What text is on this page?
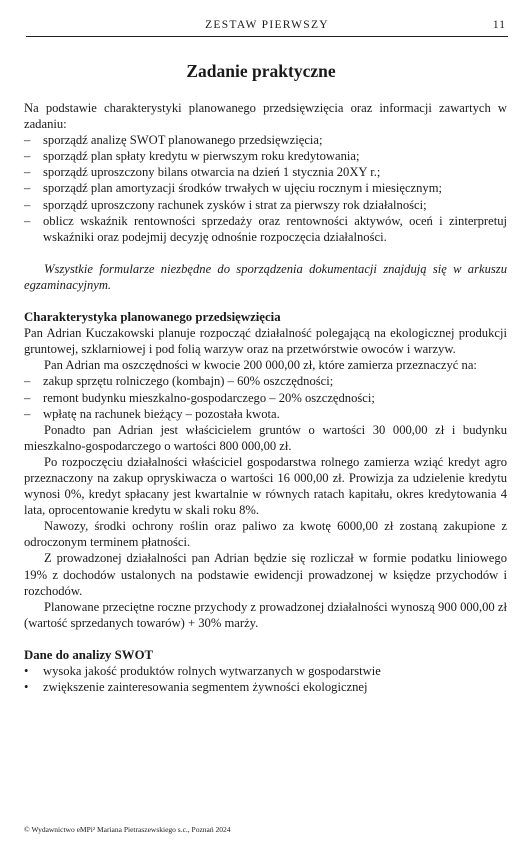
ZESTAW PIERWSZY	11
Zadanie praktyczne

Na podstawie charakterystyki planowanego przedsięwzięcia oraz informacji zawartych w zadaniu:

– sporządź analizę SWOT planowanego przedsięwzięcia;
– sporządź plan spłaty kredytu w pierwszym roku kredytowania;
– sporządź uproszczony bilans otwarcia na dzień 1 stycznia 20XY r.;
– sporządź plan amortyzacji środków trwałych w ujęciu rocznym i miesięcznym;
– sporządź uproszczony rachunek zysków i strat za pierwszy rok działalności;
– oblicz wskaźnik rentowności sprzedaży oraz rentowności aktywów, oceń i zinterpretuj wskaźniki oraz podejmij decyzję odnośnie rozpoczęcia działalności.

Wszystkie formularze niezbędne do sporządzenia dokumentacji znajdują się w arkuszu egzaminacyjnym.

Charakterystyka planowanego przedsięwzięcia

Pan Adrian Kuczakowski planuje rozpocząć działalność polegającą na ekologicznej produkcji gruntowej, szklarniowej i pod folią warzyw oraz na przetwórstwie owoców i warzyw.

Pan Adrian ma oszczędności w kwocie 200 000,00 zł, które zamierza przeznaczyć na:

– zakup sprzętu rolniczego (kombajn) – 60% oszczędności;
– remont budynku mieszkalno-gospodarczego – 20% oszczędności;
– wpłatę na rachunek bieżący – pozostała kwota.

Ponadto pan Adrian jest właścicielem gruntów o wartości 30 000,00 zł i budynku mieszkalno-gospodarczego o wartości 800 000,00 zł.

Po rozpoczęciu działalności właściciel gospodarstwa rolnego zamierza wziąć kredyt agro przeznaczony na zakup opryskiwacza o wartości 16 000,00 zł. Prowizja za udzielenie kredytu wynosi 0%, kredyt spłacany jest kwartalnie w równych ratach kapitału, okres kredytowania 4 lata, oprocentowanie kredytu w skali roku 8%.

Nawozy, środki ochrony roślin oraz paliwo za kwotę 6000,00 zł zostaną zakupione z odroczonym terminem płatności.

Z prowadzonej działalności pan Adrian będzie się rozliczał w formie podatku liniowego 19% z dochodów ustalonych na podstawie ewidencji prowadzonej w księdze przychodów i rozchodów.

Planowane przeciętne roczne przychody z prowadzonej działalności wynoszą 900 000,00 zł (wartość sprzedanych towarów) + 30% marży.

Dane do analizy SWOT
• wysoka jakość produktów rolnych wytwarzanych w gospodarstwie
• zwiększenie zainteresowania segmentem żywności ekologicznej
© Wydawnictwo eMPi² Mariana Pietraszewskiego s.c., Poznań 2024
